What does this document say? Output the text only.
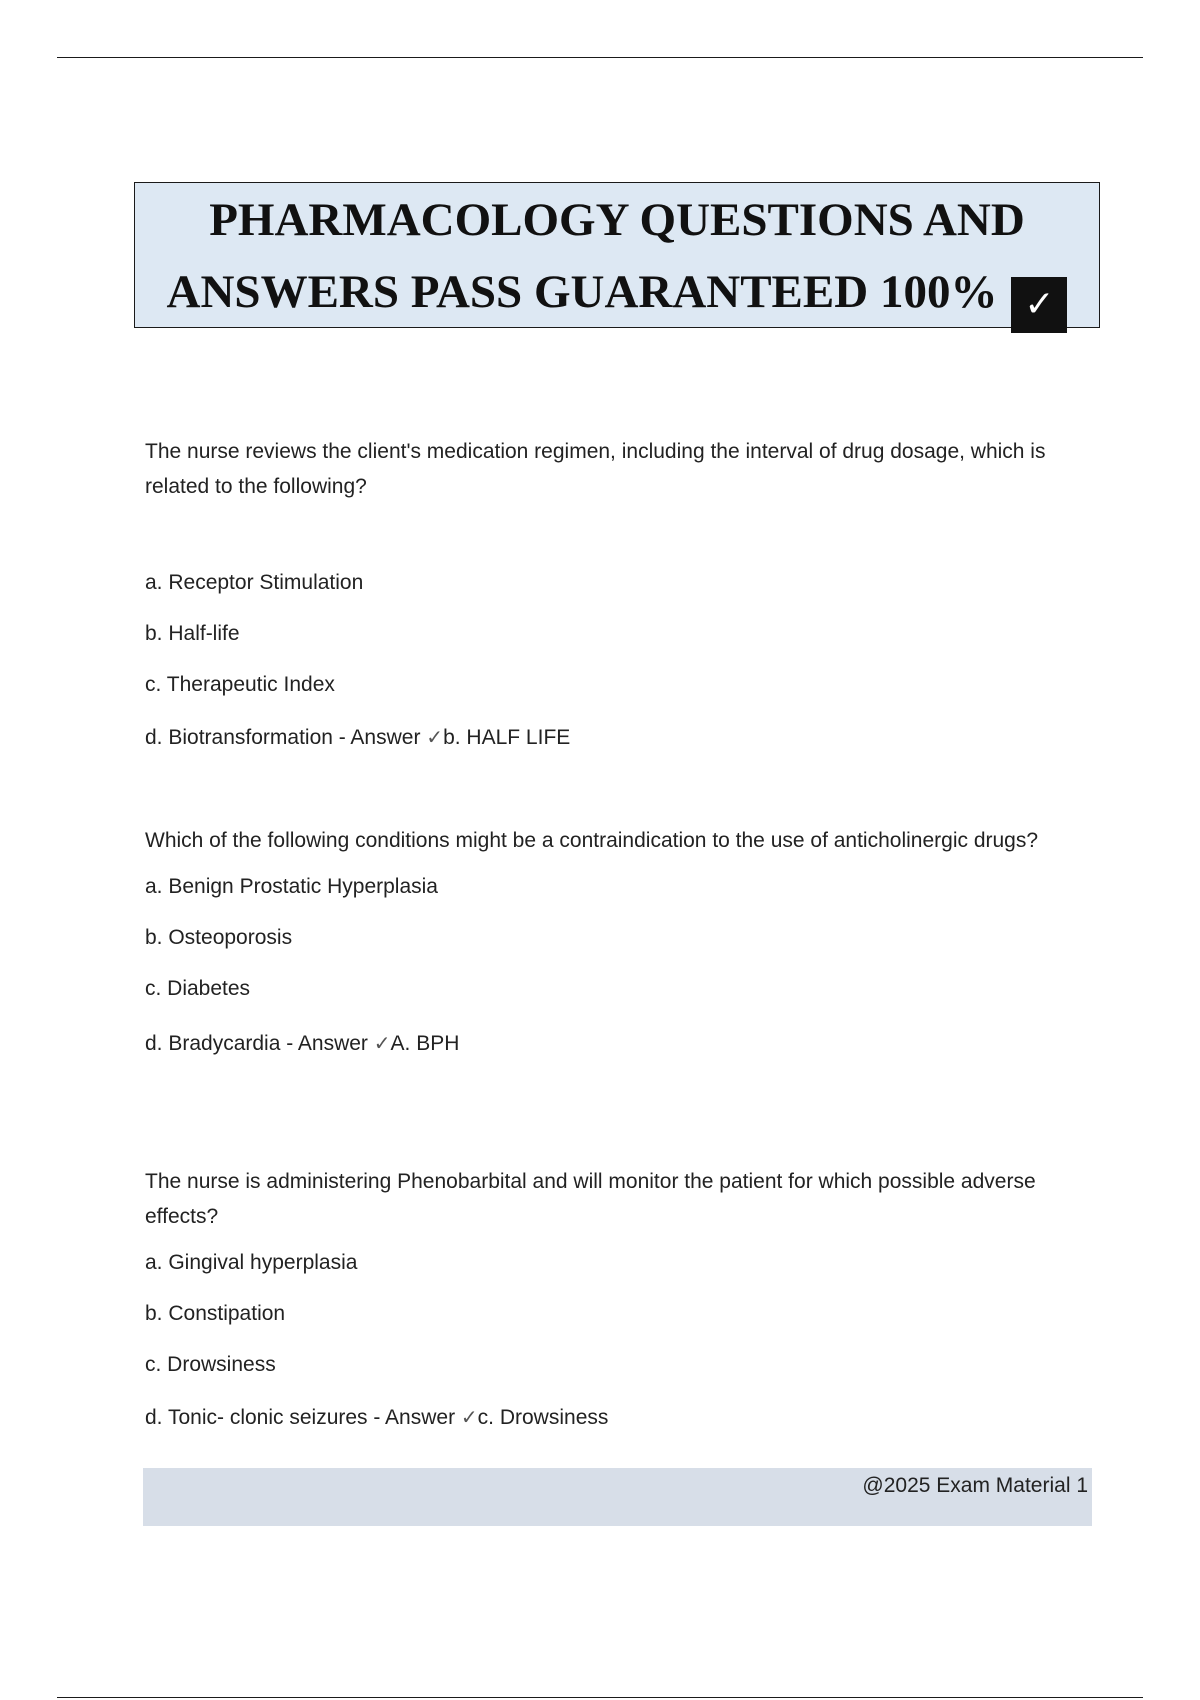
PHARMACOLOGY QUESTIONS AND
ANSWERS PASS GUARANTEED 100% ✓

The nurse reviews the client's medication regimen, including the interval of drug dosage, which is related to the following?

a. Receptor Stimulation

b. Half-life

c. Therapeutic Index

d. Biotransformation - Answer ✓b. HALF LIFE

Which of the following conditions might be a contraindication to the use of anticholinergic drugs?

a. Benign Prostatic Hyperplasia

b. Osteoporosis

c. Diabetes

d. Bradycardia - Answer ✓A. BPH

The nurse is administering Phenobarbital and will monitor the patient for which possible adverse effects?

a. Gingival hyperplasia

b. Constipation

c. Drowsiness

d. Tonic- clonic seizures - Answer ✓c. Drowsiness

@2025 Exam Material 1
